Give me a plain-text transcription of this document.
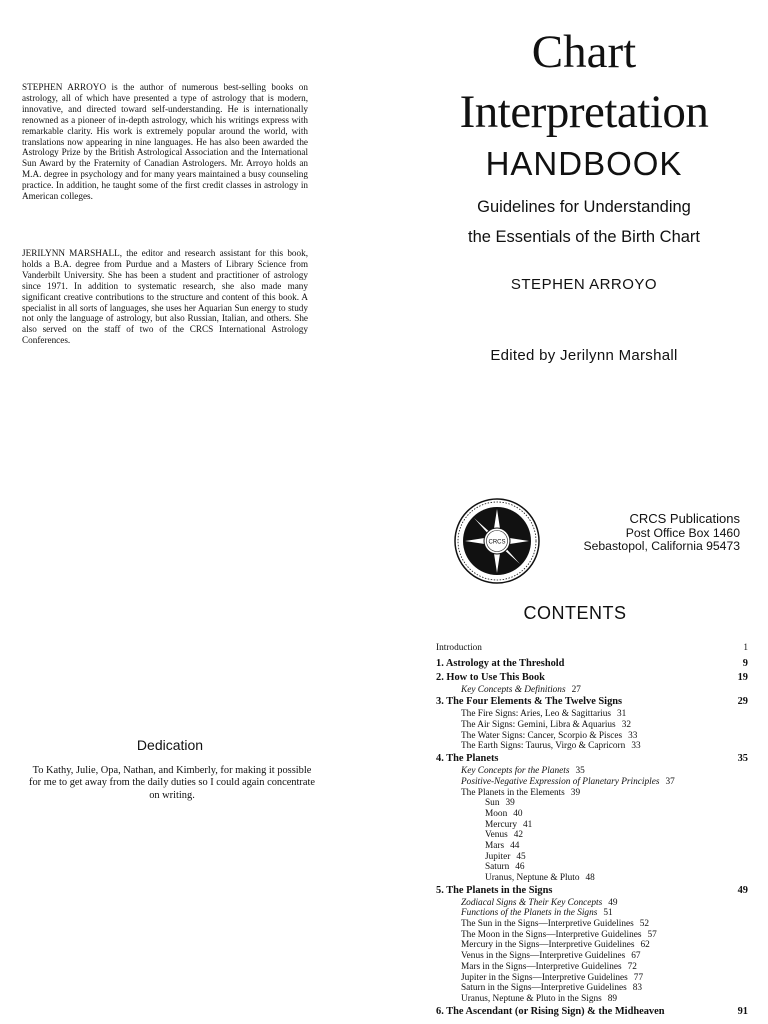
STEPHEN ARROYO is the author of numerous best-selling books on astrology, all of which have presented a type of astrology that is modern, innovative, and directed toward self-understanding. He is internationally renowned as a pioneer of in-depth astrology, which his writings express with remarkable clarity. His work is extremely popular around the world, with translations now appearing in nine languages. He has also been awarded the Astrology Prize by the British Astrological Association and the International Sun Award by the Fraternity of Canadian Astrologers. Mr. Arroyo holds an M.A. degree in psychology and for many years maintained a busy counseling practice. In addition, he taught some of the first credit classes in astrology in American colleges.
JERILYNN MARSHALL, the editor and research assistant for this book, holds a B.A. degree from Purdue and a Masters of Library Science from Vanderbilt University. She has been a student and practitioner of astrology since 1971. In addition to systematic research, she also made many significant creative contributions to the structure and content of this book. A specialist in all sorts of languages, she uses her Aquarian Sun energy to study not only the language of astrology, but also Russian, Italian, and others. She also served on the staff of two of the CRCS International Astrology Conferences.
Chart
Interpretation
HANDBOOK
Guidelines for Understanding
the Essentials of the Birth Chart
STEPHEN ARROYO
Edited by Jerilynn Marshall
CRCS
CRCS Publications
Post Office Box 1460
Sebastopol, California 95473
CONTENTS
Dedication
To Kathy, Julie, Opa, Nathan, and Kimberly, for making it possible for me to get away from the daily duties so I could again concentrate on writing.
Introduction	1
1. Astrology at the Threshold	9
2. How to Use This Book	19
Key Concepts & Definitions 27
3. The Four Elements & The Twelve Signs	29
The Fire Signs: Aries, Leo & Sagittarius 31
The Air Signs: Gemini, Libra & Aquarius 32
The Water Signs: Cancer, Scorpio & Pisces 33
The Earth Signs: Taurus, Virgo & Capricorn 33
4. The Planets	35
Key Concepts for the Planets 35
Positive-Negative Expression of Planetary Principles 37
The Planets in the Elements 39
Sun 39
Moon 40
Mercury 41
Venus 42
Mars 44
Jupiter 45
Saturn 46
Uranus, Neptune & Pluto 48
5. The Planets in the Signs	49
Zodiacal Signs & Their Key Concepts 49
Functions of the Planets in the Signs 51
The Sun in the Signs—Interpretive Guidelines 52
The Moon in the Signs—Interpretive Guidelines 57
Mercury in the Signs—Interpretive Guidelines 62
Venus in the Signs—Interpretive Guidelines 67
Mars in the Signs—Interpretive Guidelines 72
Jupiter in the Signs—Interpretive Guidelines 77
Saturn in the Signs—Interpretive Guidelines 83
Uranus, Neptune & Pluto in the Signs 89
6. The Ascendant (or Rising Sign) & the Midheaven	91
